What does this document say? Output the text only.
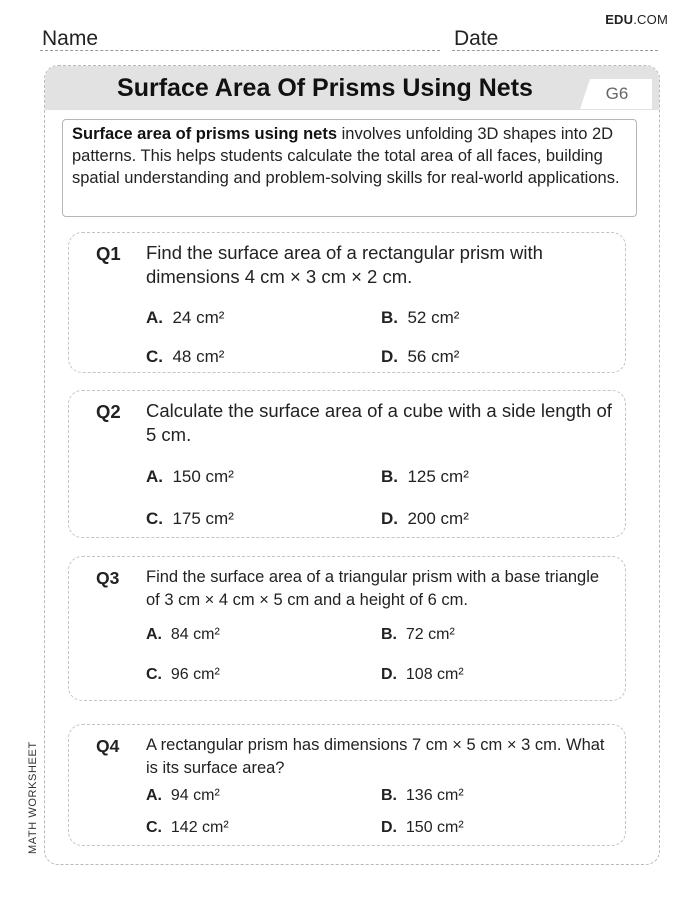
EDU.COM
Name	Date
MATH WORKSHEET
Surface Area Of Prisms Using Nets	G6
Surface area of prisms using nets involves unfolding 3D shapes into 2D patterns. This helps students calculate the total area of all faces, building spatial understanding and problem-solving skills for real-world applications.
Q1 Find the surface area of a rectangular prism with dimensions 4 cm × 3 cm × 2 cm.
A. 24 cm²	B. 52 cm²
C. 48 cm²	D. 56 cm²
Q2 Calculate the surface area of a cube with a side length of 5 cm.
A. 150 cm²	B. 125 cm²
C. 175 cm²	D. 200 cm²
Q3 Find the surface area of a triangular prism with a base triangle of 3 cm × 4 cm × 5 cm and a height of 6 cm.
A. 84 cm²	B. 72 cm²
C. 96 cm²	D. 108 cm²
Q4 A rectangular prism has dimensions 7 cm × 5 cm × 3 cm. What is its surface area?
A. 94 cm²	B. 136 cm²
C. 142 cm²	D. 150 cm²
